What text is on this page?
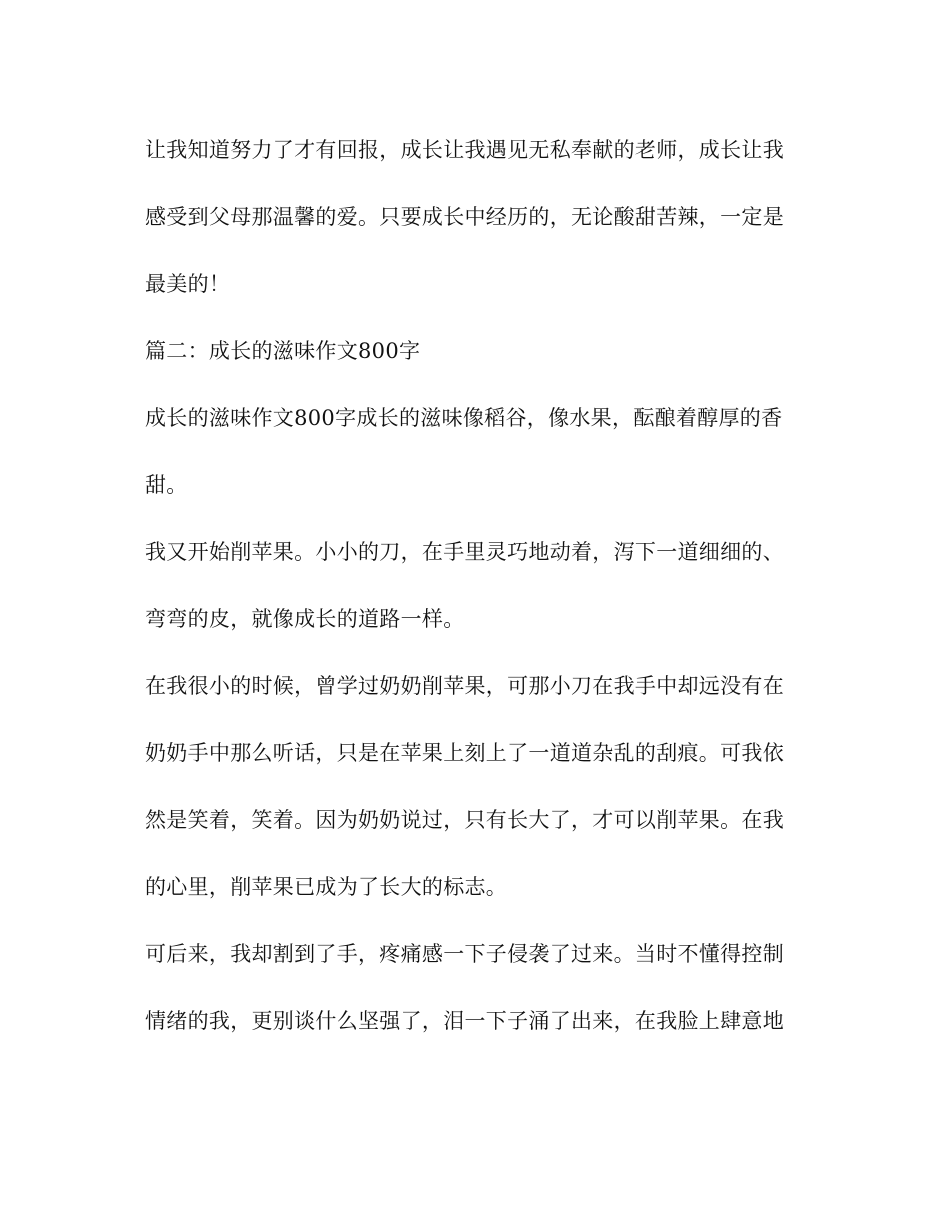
让我知道努力了才有回报，成长让我遇见无私奉献的老师，成长让我
感受到父母那温馨的爱。只要成长中经历的，无论酸甜苦辣，一定是
最美的！
篇二：成长的滋味作文800字
成长的滋味作文800字成长的滋味像稻谷，像水果，酝酿着醇厚的香
甜。
我又开始削苹果。小小的刀，在手里灵巧地动着，泻下一道细细的、
弯弯的皮，就像成长的道路一样。
在我很小的时候，曾学过奶奶削苹果，可那小刀在我手中却远没有在
奶奶手中那么听话，只是在苹果上刻上了一道道杂乱的刮痕。可我依
然是笑着，笑着。因为奶奶说过，只有长大了，才可以削苹果。在我
的心里，削苹果已成为了长大的标志。
可后来，我却割到了手，疼痛感一下子侵袭了过来。当时不懂得控制
情绪的我，更别谈什么坚强了，泪一下子涌了出来，在我脸上肆意地
